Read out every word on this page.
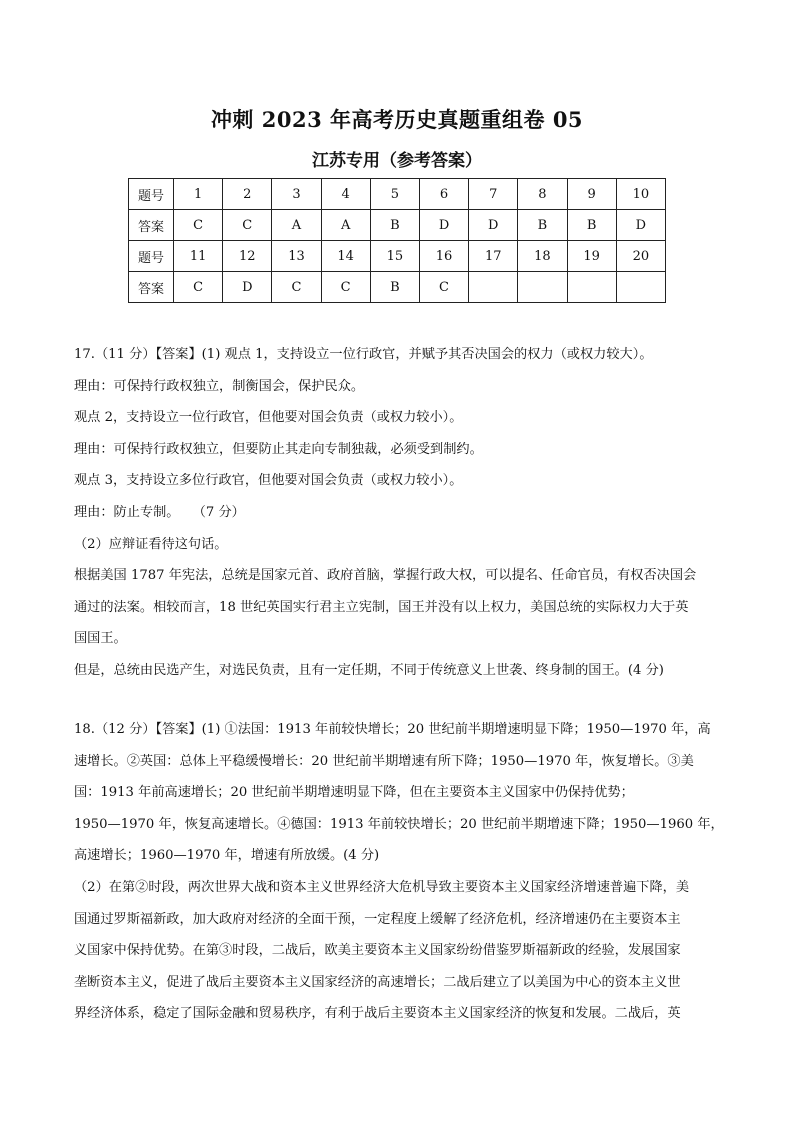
冲刺 2023 年高考历史真题重组卷 05
江苏专用（参考答案）
题号	1	2	3	4	5	6	7	8	9	10
答案	C	C	A	A	B	D	D	B	B	D
题号	11	12	13	14	15	16	17	18	19	20
答案	C	D	C	C	B	C				

17.（11 分）【答案】(1) 观点 1，支持设立一位行政官，并赋予其否决国会的权力（或权力较大）。

理由：可保持行政权独立，制衡国会，保护民众。

观点 2，支持设立一位行政官，但他要对国会负责（或权力较小）。

理由：可保持行政权独立，但要防止其走向专制独裁，必须受到制约。

观点 3，支持设立多位行政官，但他要对国会负责（或权力较小）。

理由：防止专制。　　（7 分）

（2）应辩证看待这句话。

根据美国 1787 年宪法，总统是国家元首、政府首脑，掌握行政大权，可以提名、任命官员，有权否决国会

通过的法案。相较而言，18 世纪英国实行君主立宪制，国王并没有以上权力，美国总统的实际权力大于英

国国王。

但是，总统由民选产生，对选民负责，且有一定任期，不同于传统意义上世袭、终身制的国王。(4 分)

18.（12 分）【答案】(1) ①法国：1913 年前较快增长；20 世纪前半期增速明显下降；1950—1970 年，高

速增长。②英国：总体上平稳缓慢增长：20 世纪前半期增速有所下降；1950—1970 年，恢复增长。③美

国：1913 年前高速增长；20 世纪前半期增速明显下降，但在主要资本主义国家中仍保持优势；

1950—1970 年，恢复高速增长。④德国：1913 年前较快增长；20 世纪前半期增速下降；1950—1960 年，

高速增长；1960—1970 年，增速有所放缓。(4 分)

（2）在第②时段，两次世界大战和资本主义世界经济大危机导致主要资本主义国家经济增速普遍下降，美

国通过罗斯福新政，加大政府对经济的全面干预，一定程度上缓解了经济危机，经济增速仍在主要资本主

义国家中保持优势。在第③时段，二战后，欧美主要资本主义国家纷纷借鉴罗斯福新政的经验，发展国家

垄断资本主义，促进了战后主要资本主义国家经济的高速增长；二战后建立了以美国为中心的资本主义世

界经济体系，稳定了国际金融和贸易秩序，有利于战后主要资本主义国家经济的恢复和发展。二战后，英
